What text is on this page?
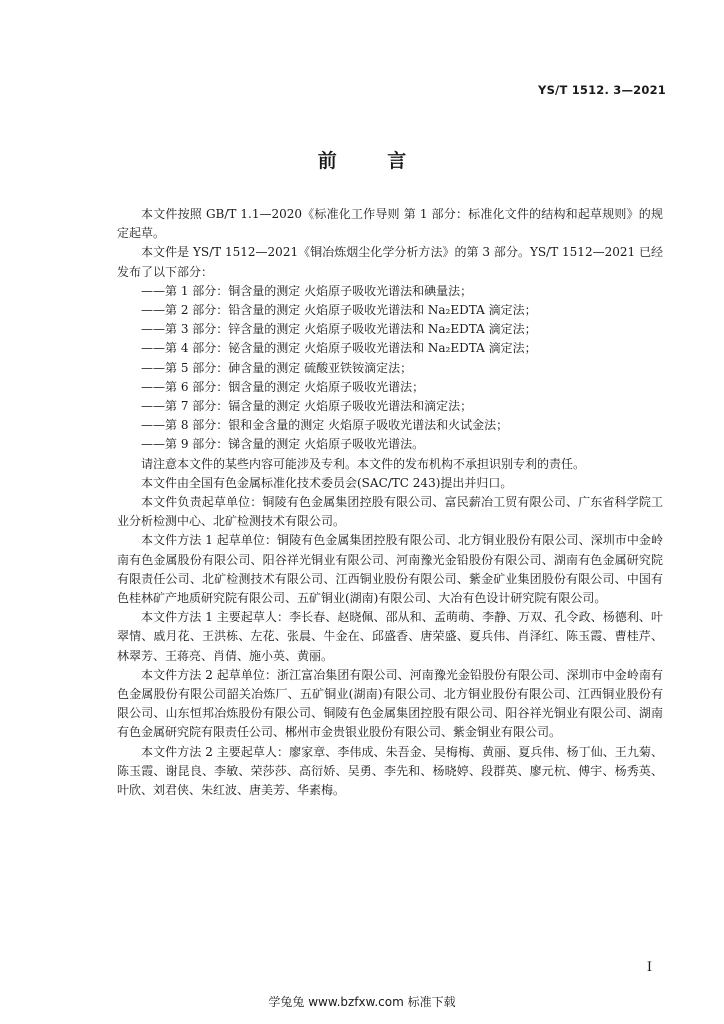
YS/T 1512. 3—2021
前 言

本文件按照 GB/T 1.1—2020《标准化工作导则 第 1 部分：标准化文件的结构和起草规则》的规定起草。

本文件是 YS/T 1512—2021《铜冶炼烟尘化学分析方法》的第 3 部分。YS/T 1512—2021 已经发布了以下部分：

——第 1 部分：铜含量的测定 火焰原子吸收光谱法和碘量法；

——第 2 部分：铅含量的测定 火焰原子吸收光谱法和 Na₂EDTA 滴定法；

——第 3 部分：锌含量的测定 火焰原子吸收光谱法和 Na₂EDTA 滴定法；

——第 4 部分：铋含量的测定 火焰原子吸收光谱法和 Na₂EDTA 滴定法；

——第 5 部分：砷含量的测定 硫酸亚铁铵滴定法；

——第 6 部分：铟含量的测定 火焰原子吸收光谱法；

——第 7 部分：镉含量的测定 火焰原子吸收光谱法和滴定法；

——第 8 部分：银和金含量的测定 火焰原子吸收光谱法和火试金法；

——第 9 部分：锑含量的测定 火焰原子吸收光谱法。

请注意本文件的某些内容可能涉及专利。本文件的发布机构不承担识别专利的责任。

本文件由全国有色金属标准化技术委员会(SAC/TC 243)提出并归口。

本文件负责起草单位：铜陵有色金属集团控股有限公司、富民薪冶工贸有限公司、广东省科学院工业分析检测中心、北矿检测技术有限公司。

本文件方法 1 起草单位：铜陵有色金属集团控股有限公司、北方铜业股份有限公司、深圳市中金岭南有色金属股份有限公司、阳谷祥光铜业有限公司、河南豫光金铅股份有限公司、湖南有色金属研究院有限责任公司、北矿检测技术有限公司、江西铜业股份有限公司、紫金矿业集团股份有限公司、中国有色桂林矿产地质研究院有限公司、五矿铜业(湖南)有限公司、大冶有色设计研究院有限公司。

本文件方法 1 主要起草人：李长春、赵晓佩、邵从和、孟萌萌、李静、万双、孔令政、杨德利、叶翠情、戚月花、王洪栋、左花、张晨、牛金在、邱盛香、唐荣盛、夏兵伟、肖泽红、陈玉霞、曹桂芹、林翠芳、王蒋亮、肖倩、施小英、黄丽。

本文件方法 2 起草单位：浙江富冶集团有限公司、河南豫光金铅股份有限公司、深圳市中金岭南有色金属股份有限公司韶关冶炼厂、五矿铜业(湖南)有限公司、北方铜业股份有限公司、江西铜业股份有限公司、山东恒邦冶炼股份有限公司、铜陵有色金属集团控股有限公司、阳谷祥光铜业有限公司、湖南有色金属研究院有限责任公司、郴州市金贵银业股份有限公司、紫金铜业有限公司。

本文件方法 2 主要起草人：廖家章、李伟成、朱吾金、吴梅梅、黄丽、夏兵伟、杨丁仙、王九菊、陈玉霞、谢昆良、李敏、荣莎莎、高衍娇、吴勇、李先和、杨晓婷、段群英、廖元杭、傅宇、杨秀英、叶欣、刘君侠、朱红波、唐美芳、华素梅。

I
学兔兔 www.bzfxw.com 标准下载
